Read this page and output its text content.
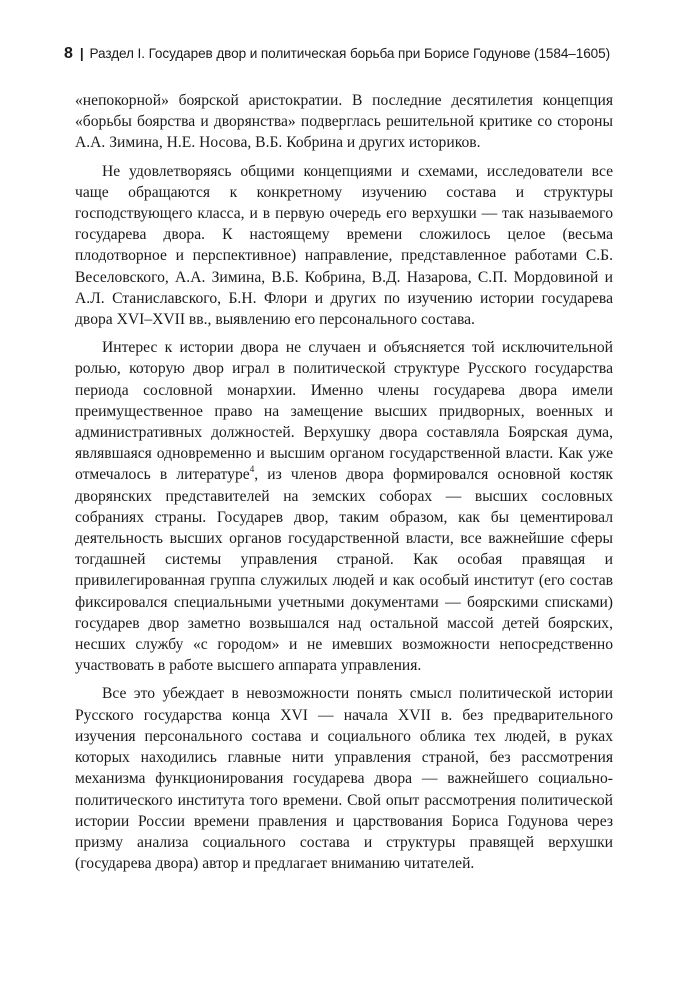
8 | Раздел I. Государев двор и политическая борьба при Борисе Годунове (1584–1605)

«непокорной» боярской аристократии. В последние десятилетия концепция «борьбы боярства и дворянства» подверглась решительной критике со стороны А.А. Зимина, Н.Е. Носова, В.Б. Кобрина и других историков.

Не удовлетворяясь общими концепциями и схемами, исследователи все чаще обращаются к конкретному изучению состава и структуры господствующего класса, и в первую очередь его верхушки — так называемого государева двора. К настоящему времени сложилось целое (весьма плодотворное и перспективное) направление, представленное работами С.Б. Веселовского, А.А. Зимина, В.Б. Кобрина, В.Д. Назарова, С.П. Мордовиной и А.Л. Станиславского, Б.Н. Флори и других по изучению истории государева двора XVI–XVII вв., выявлению его персонального состава.

Интерес к истории двора не случаен и объясняется той исключительной ролью, которую двор играл в политической структуре Русского государства периода сословной монархии. Именно члены государева двора имели преимущественное право на замещение высших придворных, военных и административных должностей. Верхушку двора составляла Боярская дума, являвшаяся одновременно и высшим органом государственной власти. Как уже отмечалось в литературе$^4$, из членов двора формировался основной костяк дворянских представителей на земских соборах — высших сословных собраниях страны. Государев двор, таким образом, как бы цементировал деятельность высших органов государственной власти, все важнейшие сферы тогдашней системы управления страной. Как особая правящая и привилегированная группа служилых людей и как особый институт (его состав фиксировался специальными учетными документами — боярскими списками) государев двор заметно возвышался над остальной массой детей боярских, несших службу «с городом» и не имевших возможности непосредственно участвовать в работе высшего аппарата управления.

Все это убеждает в невозможности понять смысл политической истории Русского государства конца XVI — начала XVII в. без предварительного изучения персонального состава и социального облика тех людей, в руках которых находились главные нити управления страной, без рассмотрения механизма функционирования государева двора — важнейшего социально-политического института того времени. Свой опыт рассмотрения политической истории России времени правления и царствования Бориса Годунова через призму анализа социального состава и структуры правящей верхушки (государева двора) автор и предлагает вниманию читателей.
